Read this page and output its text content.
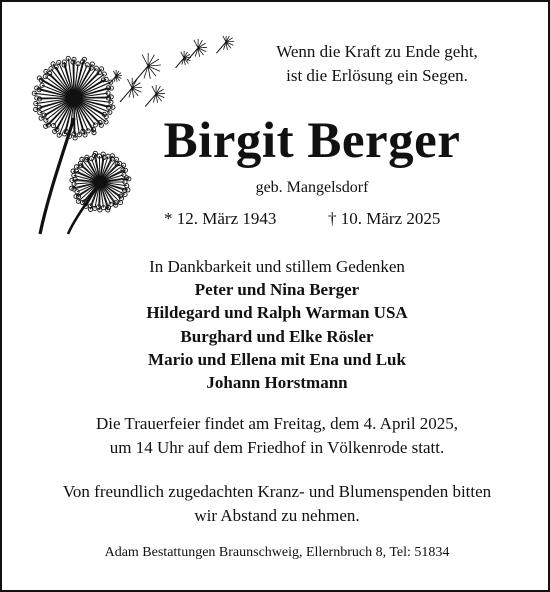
Wenn die Kraft zu Ende geht,
ist die Erlösung ein Segen.
Birgit Berger
geb. Mangelsdorf
* 12. März 1943	† 10. März 2025
In Dankbarkeit und stillem Gedenken
Peter und Nina Berger
Hildegard und Ralph Warman USA
Burghard und Elke Rösler
Mario und Ellena mit Ena und Luk
Johann Horstmann
Die Trauerfeier findet am Freitag, dem 4. April 2025,
um 14 Uhr auf dem Friedhof in Völkenrode statt.
Von freundlich zugedachten Kranz- und Blumenspenden bitten
wir Abstand zu nehmen.
Adam Bestattungen Braunschweig, Ellernbruch 8, Tel: 51834
